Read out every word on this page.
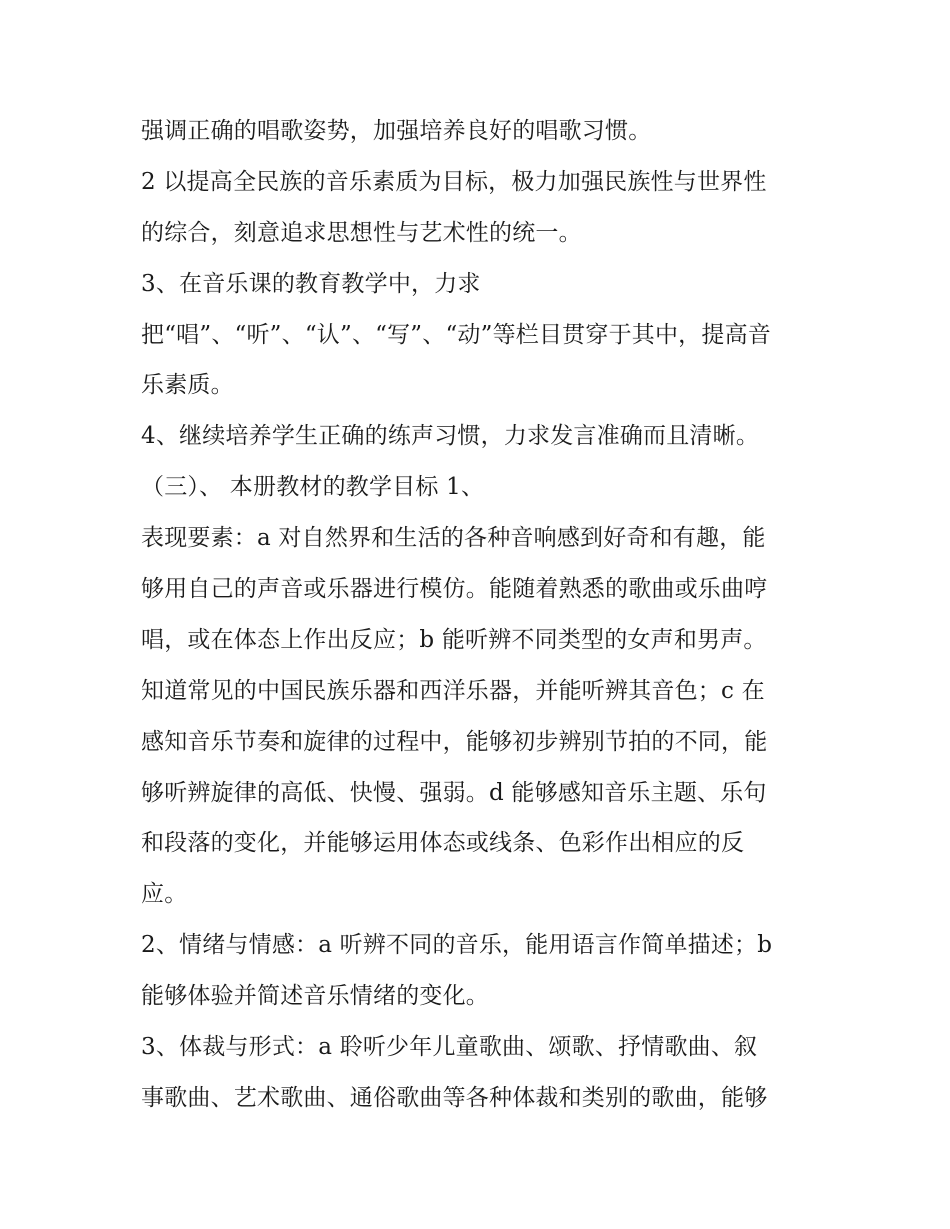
强调正确的唱歌姿势，加强培养良好的唱歌习惯。
2 以提高全民族的音乐素质为目标，极力加强民族性与世界性
的综合，刻意追求思想性与艺术性的统一。
3、在音乐课的教育教学中，力求
把“唱”、“听”、“认”、“写”、“动”等栏目贯穿于其中，提高音
乐素质。
4、继续培养学生正确的练声习惯，力求发言准确而且清晰。
（三）、 本册教材的教学目标 1、
表现要素：a 对自然界和生活的各种音响感到好奇和有趣，能
够用自己的声音或乐器进行模仿。能随着熟悉的歌曲或乐曲哼
唱，或在体态上作出反应；b 能听辨不同类型的女声和男声。
知道常见的中国民族乐器和西洋乐器，并能听辨其音色；c 在
感知音乐节奏和旋律的过程中，能够初步辨别节拍的不同，能
够听辨旋律的高低、快慢、强弱。d 能够感知音乐主题、乐句
和段落的变化，并能够运用体态或线条、色彩作出相应的反
应。
2、情绪与情感：a 听辨不同的音乐，能用语言作简单描述；b
能够体验并简述音乐情绪的变化。
3、体裁与形式：a 聆听少年儿童歌曲、颂歌、抒情歌曲、叙
事歌曲、艺术歌曲、通俗歌曲等各种体裁和类别的歌曲，能够
